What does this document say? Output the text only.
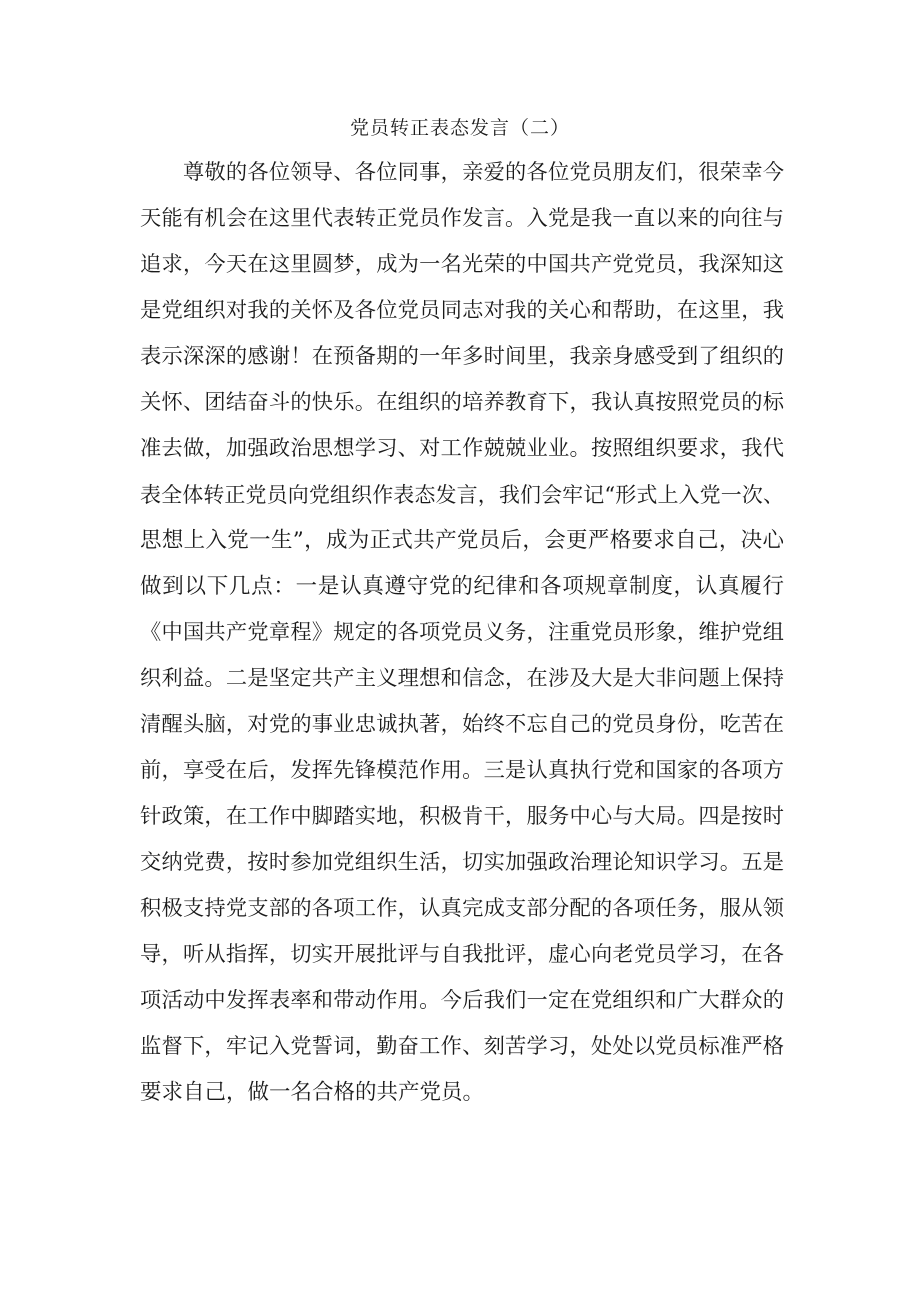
党员转正表态发言（二）
　　尊敬的各位领导、各位同事，亲爱的各位党员朋友们，很荣幸今
天能有机会在这里代表转正党员作发言。入党是我一直以来的向往与
追求，今天在这里圆梦，成为一名光荣的中国共产党党员，我深知这
是党组织对我的关怀及各位党员同志对我的关心和帮助，在这里，我
表示深深的感谢！在预备期的一年多时间里，我亲身感受到了组织的
关怀、团结奋斗的快乐。在组织的培养教育下，我认真按照党员的标
准去做，加强政治思想学习、对工作兢兢业业。按照组织要求，我代
表全体转正党员向党组织作表态发言，我们会牢记“形式上入党一次、
思想上入党一生”，成为正式共产党员后，会更严格要求自己，决心
做到以下几点：一是认真遵守党的纪律和各项规章制度，认真履行
《中国共产党章程》规定的各项党员义务，注重党员形象，维护党组
织利益。二是坚定共产主义理想和信念，在涉及大是大非问题上保持
清醒头脑，对党的事业忠诚执著，始终不忘自己的党员身份，吃苦在
前，享受在后，发挥先锋模范作用。三是认真执行党和国家的各项方
针政策，在工作中脚踏实地，积极肯干，服务中心与大局。四是按时
交纳党费，按时参加党组织生活，切实加强政治理论知识学习。五是
积极支持党支部的各项工作，认真完成支部分配的各项任务，服从领
导，听从指挥，切实开展批评与自我批评，虚心向老党员学习，在各
项活动中发挥表率和带动作用。今后我们一定在党组织和广大群众的
监督下，牢记入党誓词，勤奋工作、刻苦学习，处处以党员标准严格
要求自己，做一名合格的共产党员。
